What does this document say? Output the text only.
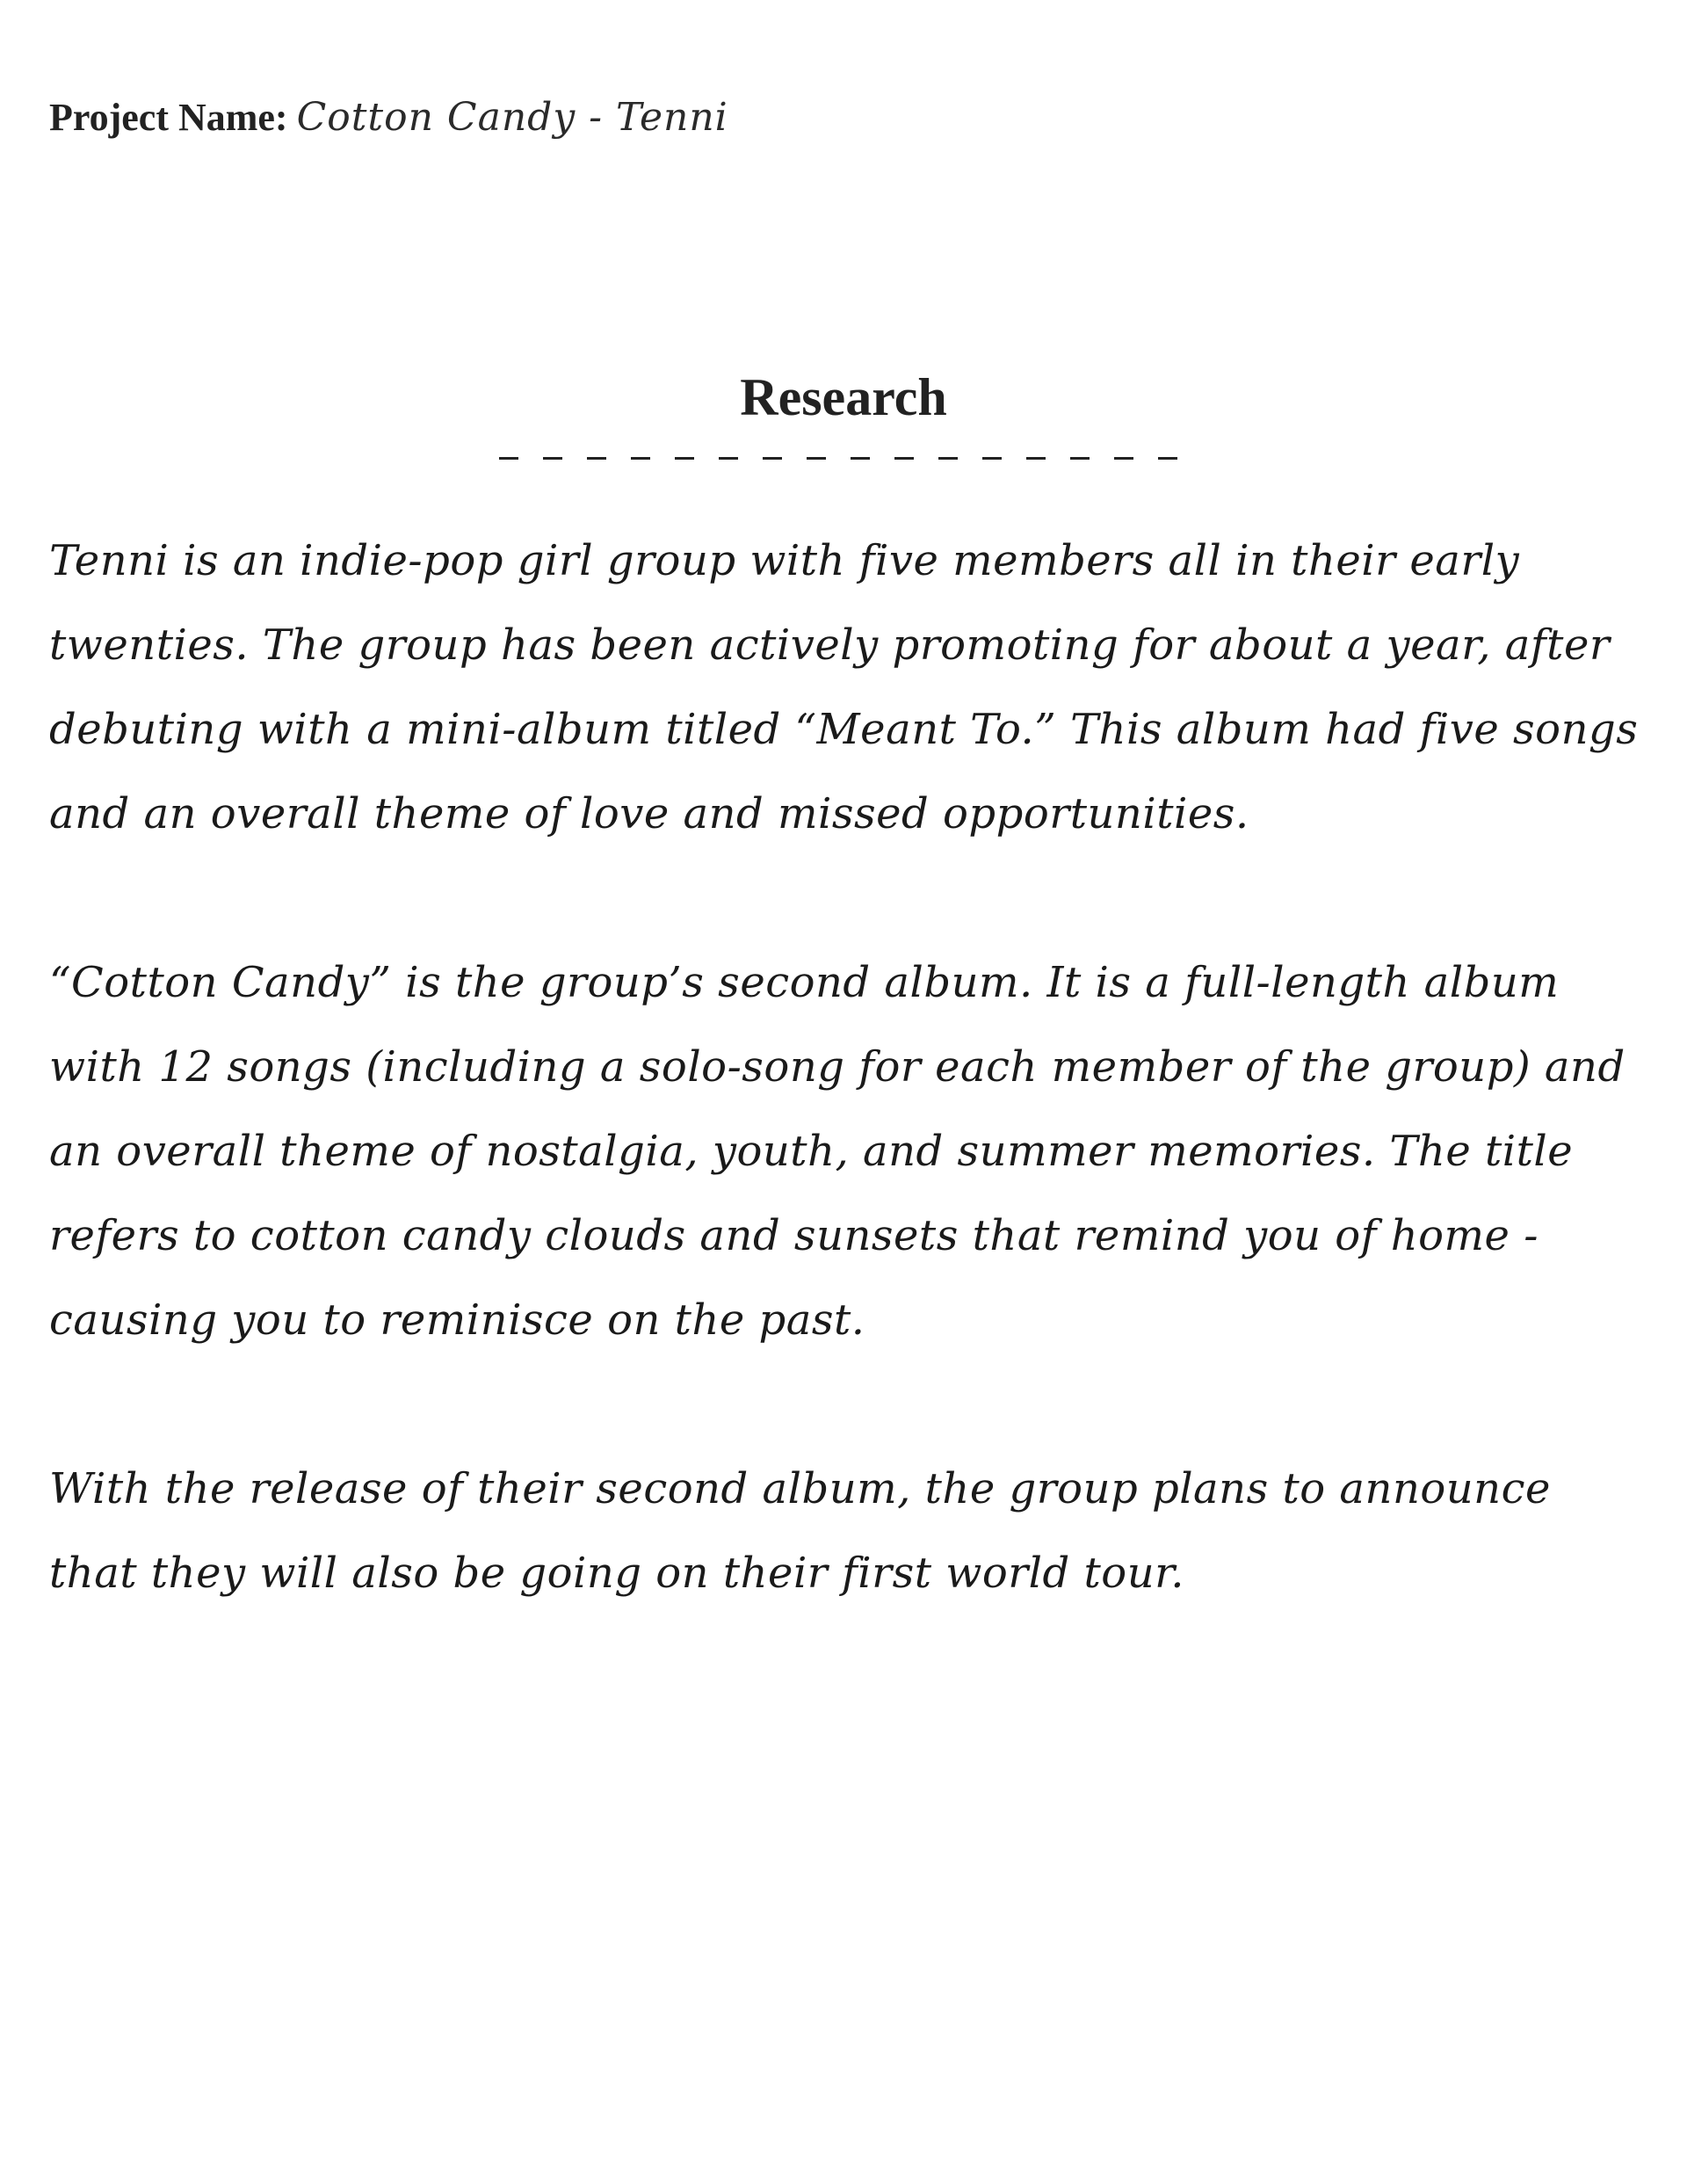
Project Name: Cotton Candy - Tenni
Research

Tenni is an indie-pop girl group with five members all in their early twenties. The group has been actively promoting for about a year, after debuting with a mini-album titled “Meant To.” This album had five songs and an overall theme of love and missed opportunities.

“Cotton Candy” is the group’s second album. It is a full-length album with 12 songs (including a solo-song for each member of the group) and an overall theme of nostalgia, youth, and summer memories. The title refers to cotton candy clouds and sunsets that remind you of home - causing you to reminisce on the past.

With the release of their second album, the group plans to announce that they will also be going on their first world tour.
